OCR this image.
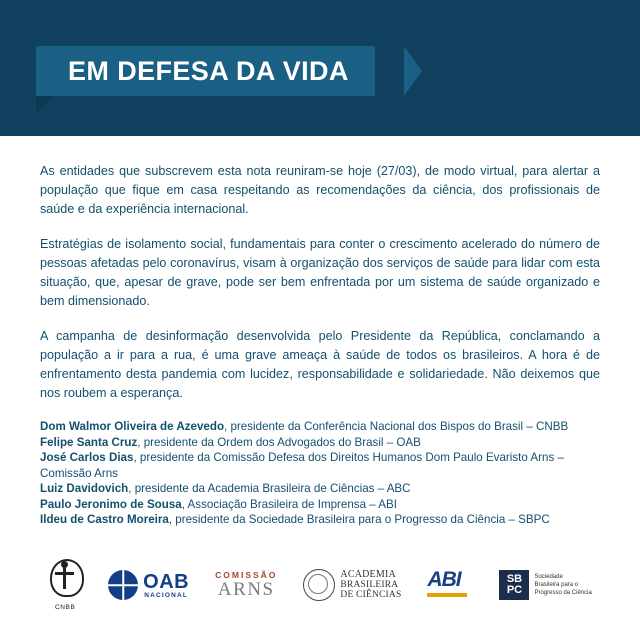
EM DEFESA DA VIDA

As entidades que subscrevem esta nota reuniram-se hoje (27/03), de modo virtual, para alertar a população que fique em casa respeitando as recomendações da ciência, dos profissionais de saúde e da experiência internacional.

Estratégias de isolamento social, fundamentais para conter o crescimento acelerado do número de pessoas afetadas pelo coronavírus, visam à organização dos serviços de saúde para lidar com esta situação, que, apesar de grave, pode ser bem enfrentada por um sistema de saúde organizado e bem dimensionado.

A campanha de desinformação desenvolvida pelo Presidente da República, conclamando a população a ir para a rua, é uma grave ameaça à saúde de todos os brasileiros. A hora é de enfrentamento desta pandemia com lucidez, responsabilidade e solidariedade. Não deixemos que nos roubem a esperança.

Dom Walmor Oliveira de Azevedo, presidente da Conferência Nacional dos Bispos do Brasil – CNBB
Felipe Santa Cruz, presidente da Ordem dos Advogados do Brasil – OAB
José Carlos Dias, presidente da Comissão Defesa dos Direitos Humanos Dom Paulo Evaristo Arns – Comissão Arns
Luiz Davidovich, presidente da Academia Brasileira de Ciências – ABC
Paulo Jeronimo de Sousa, Associação Brasileira de Imprensa – ABI
Ildeu de Castro Moreira, presidente da Sociedade Brasileira para o Progresso da Ciência – SBPC
CNBB
OAB
NACIONAL
COMISSÃO
ARNS
ACADEMIA
BRASILEIRA
DE CIÊNCIAS
ABI	SB
PC
Sociedade
Brasileira para o
Progresso da Ciência
